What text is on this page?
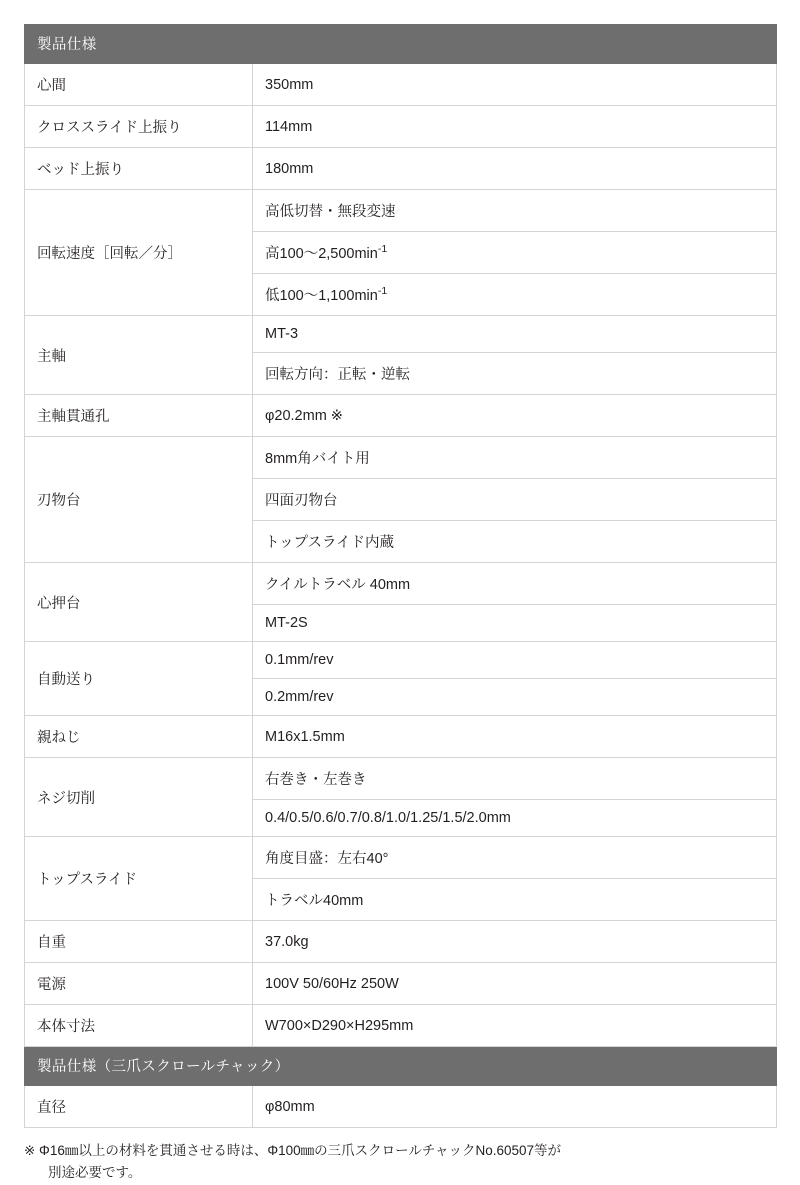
製品仕様	
心間	350mm
クロススライド上振り	114mm
ベッド上振り	180mm
回転速度［回転／分］	高低切替・無段変速
	高100〜$2,500\min^{-1}$
	低100〜$1,100\min^{-1}$
主軸	MT-3
	回転方向：正転・逆転
主軸貫通孔	φ20.2mm ※
刃物台	8mm角バイト用
	四面刃物台
	トップスライド内蔵
心押台	クイルトラベル 40mm
	MT-2S
自動送り	0.1mm/rev
	0.2mm/rev
親ねじ	M16x1.5mm
ネジ切削	右巻き・左巻き
	0.4/0.5/0.6/0.7/0.8/1.0/1.25/1.5/2.0mm
トップスライド	角度目盛：左右40°
	トラベル40mm
自重	37.0kg
電源	100V 50/60Hz 250W
本体寸法	W700×D290×H295mm
製品仕様（三爪スクロールチャック）	
直径	φ80mm
※ Φ16㎜以上の材料を貫通させる時は、Φ100㎜の三爪スクロールチャックNo.60507等が
別途必要です。
